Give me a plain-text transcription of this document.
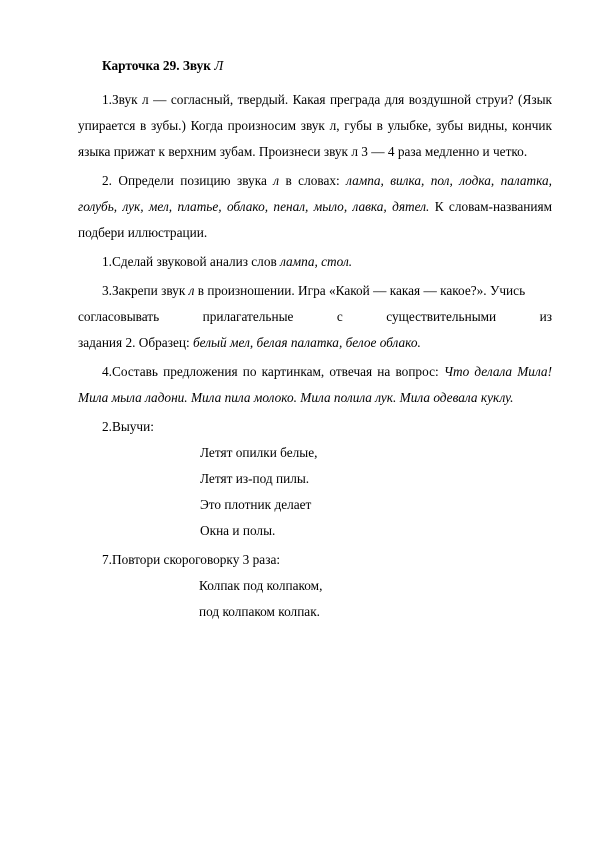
Карточка 29. Звук Л
1.Звук л — согласный, твердый. Какая преграда для воздушной струи? (Язык упирается в зубы.) Когда произносим звук л, губы в улыбке, зубы видны, кончик языка прижат к верхним зубам. Произнеси звук л 3 — 4 раза медленно и четко.
2. Определи позицию звука л в словах: лампа, вилка, пол, лодка, палатка, голубь, лук, мел, платье, облако, пенал, мыло, лавка, дятел. К словам-названиям подбери иллюстрации.
1.Сделай звуковой анализ слов лампа, стол.
3.Закрепи звук л в произношении. Игра «Какой — какая — какое?». Учись
согласовывать прилагательные с существительными из
задания 2. Образец: белый мел, белая палатка, белое облако.
4.Составь предложения по картинкам, отвечая на вопрос: Что делала Мила! Мила мыла ладони. Мила пила молоко. Мила полила лук. Мила одевала куклу.
2.Выучи:
Летят опилки белые,
Летят из-под пилы.
Это плотник делает
Окна и полы.
7.Повтори скороговорку 3 раза:
Колпак под колпаком,
под колпаком колпак.
